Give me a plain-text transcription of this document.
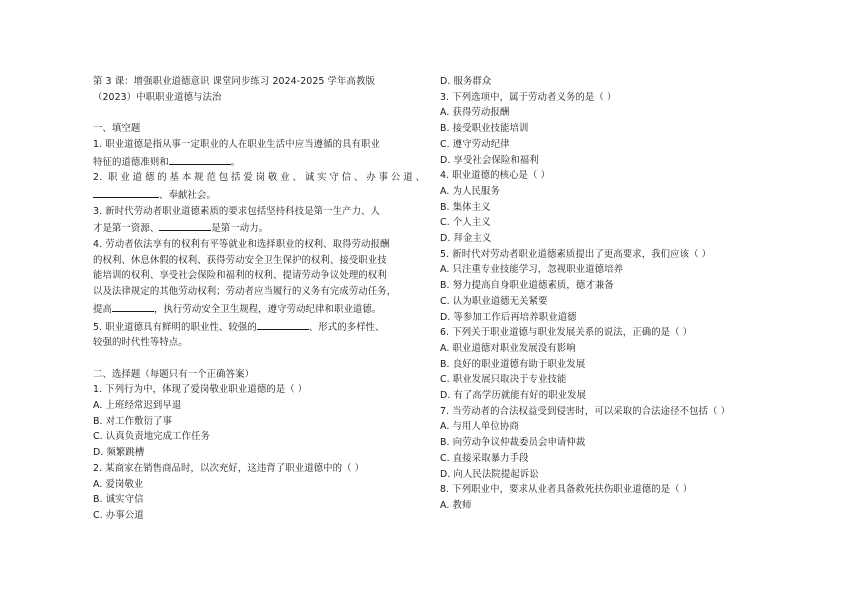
第 3 课：增强职业道德意识 课堂同步练习 2024-2025 学年高教版
（2023）中职职业道德与法治
一、填空题
1. 职业道德是指从事一定职业的人在职业生活中应当遵循的具有职业
特征的道德准则和	。
2. 职业道德的基本规范包括爱岗敬业、诚实守信、办事公道、
、奉献社会。
3. 新时代劳动者职业道德素质的要求包括坚持科技是第一生产力、人
才是第一资源、	是第一动力。
4. 劳动者依法享有的权利有平等就业和选择职业的权利、取得劳动报酬
的权利、休息休假的权利、获得劳动安全卫生保护的权利、接受职业技
能培训的权利、享受社会保险和福利的权利、提请劳动争议处理的权利
以及法律规定的其他劳动权利；劳动者应当履行的义务有完成劳动任务，
提高	，执行劳动安全卫生规程，遵守劳动纪律和职业道德。
5. 职业道德具有鲜明的职业性、较强的	、形式的多样性、
较强的时代性等特点。
二、选择题（每题只有一个正确答案）
1. 下列行为中，体现了爱岗敬业职业道德的是（ ）
A. 上班经常迟到早退
B. 对工作敷衍了事
C. 认真负责地完成工作任务
D. 频繁跳槽
2. 某商家在销售商品时，以次充好，这违背了职业道德中的（ ）
A. 爱岗敬业
B. 诚实守信
C. 办事公道
D. 服务群众
3. 下列选项中，属于劳动者义务的是（ ）
A. 获得劳动报酬
B. 接受职业技能培训
C. 遵守劳动纪律
D. 享受社会保险和福利
4. 职业道德的核心是（ ）
A. 为人民服务
B. 集体主义
C. 个人主义
D. 拜金主义
5. 新时代对劳动者职业道德素质提出了更高要求，我们应该（ ）
A. 只注重专业技能学习，忽视职业道德培养
B. 努力提高自身职业道德素质，德才兼备
C. 认为职业道德无关紧要
D. 等参加工作后再培养职业道德
6. 下列关于职业道德与职业发展关系的说法，正确的是（ ）
A. 职业道德对职业发展没有影响
B. 良好的职业道德有助于职业发展
C. 职业发展只取决于专业技能
D. 有了高学历就能有好的职业发展
7. 当劳动者的合法权益受到侵害时，可以采取的合法途径不包括（ ）
A. 与用人单位协商
B. 向劳动争议仲裁委员会申请仲裁
C. 直接采取暴力手段
D. 向人民法院提起诉讼
8. 下列职业中，要求从业者具备救死扶伤职业道德的是（ ）
A. 教师
